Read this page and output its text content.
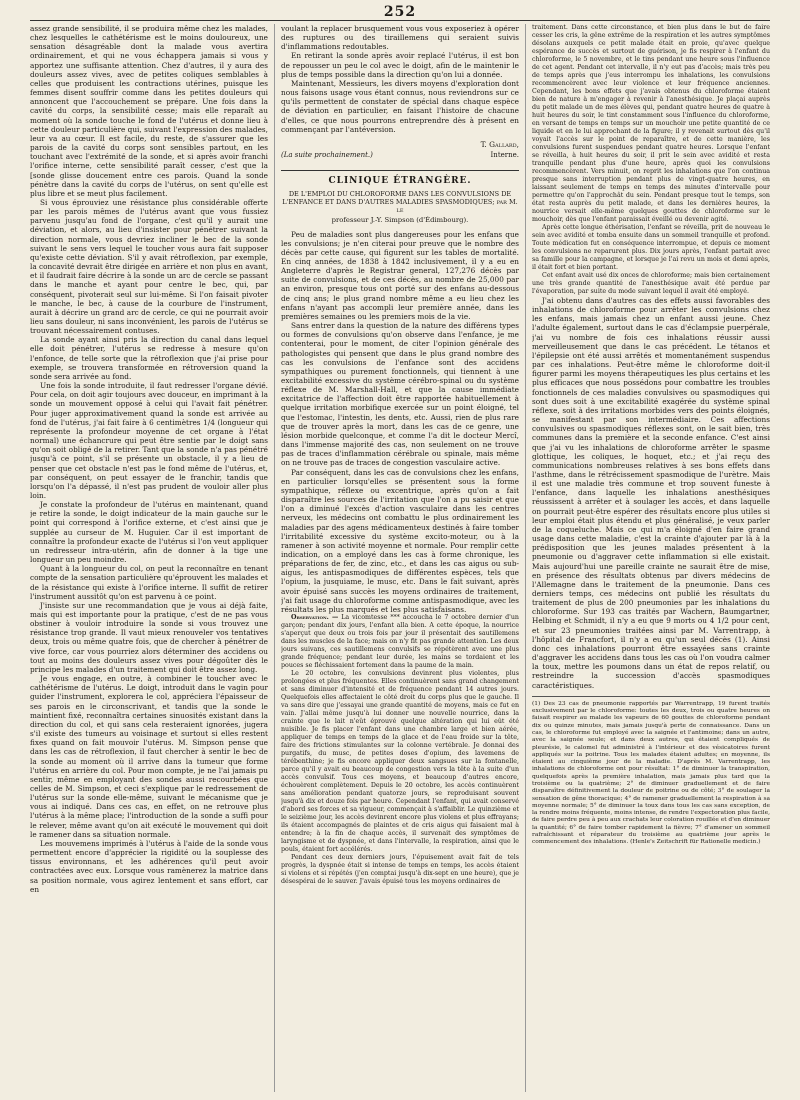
252

assez grande sensibilité, il se produira même chez les malades, chez lesquelles le cathétérisme est le moins douloureux, une sensation désagréable dont la malade vous avertira ordinairement, et qui ne vous échappera jamais si vous y apportez une suffisante attention. Chez d'autres, il y aura des douleurs assez vives, avec de petites coliques semblables à celles que produisent les contractions utérines, puisque les femmes disent souffrir comme dans les petites douleurs qui annoncent que l'accouchement se prépare. Une fois dans la cavité du corps, la sensibilité cesse; mais elle reparaît au moment où la sonde touche le fond de l'utérus et donne lieu à cette douleur particulière qui, suivant l'expression des malades, leur va au cœur. Il est facile, du reste, de s'assurer que les parois de la cavité du corps sont sensibles partout, en les touchant avec l'extrémité de la sonde, et si après avoir franchi l'orifice interne, cette sensibilité paraît cesser, c'est que la [sonde glisse doucement entre ces parois. Quand la sonde pénètre dans la cavité du corps de l'utérus, on sent qu'elle est plus libre et se meut plus facilement.

Si vous éprouviez une résistance plus considérable offerte par les parois mêmes de l'utérus avant que vous fussiez parvenu jusqu'au fond de l'organe, c'est qu'il y aurait une déviation, et alors, au lieu d'insister pour pénétrer suivant la direction normale, vous devriez incliner le bec de la sonde suivant le sens vers lequel le toucher vous aura fait supposer qu'existe cette déviation. S'il y avait rétroflexion, par exemple, la concavité devrait être dirigée en arrière et non plus en avant, et il faudrait faire décrire à la sonde un arc de cercle se passant dans le manche et ayant pour centre le bec, qui, par conséquent, pivoterait seul sur lui-même. Si l'on faisait pivoter le manche, le bec, à cause de la courbure de l'instrument, aurait à décrire un grand arc de cercle, ce qui ne pourrait avoir lieu sans douleur, ni sans inconvénient, les parois de l'utérus se trouvant nécessairement contuses.

La sonde ayant ainsi pris la direction du canal dans lequel elle doit pénétrer, l'utérus se redresse à mesure qu'on l'enfonce, de telle sorte que la rétroflexion que j'ai prise pour exemple, se trouvera transformée en rétroversion quand la sonde sera arrivée au fond.

Une fois la sonde introduite, il faut redresser l'organe dévié. Pour cela, on doit agir toujours avec douceur, en imprimant à la sonde un mouvement opposé à celui qui l'avait fait pénétrer. Pour juger approximativement quand la sonde est arrivée au fond de l'utérus, j'ai fait faire à 6 centimètres 1/4 (longueur qui représente la profondeur moyenne de cet organe à l'état normal) une échancrure qui peut être sentie par le doigt sans qu'on soit obligé de la retirer. Tant que la sonde n'a pas pénétré jusqu'à ce point, s'il se présente un obstacle, il y a lieu de penser que cet obstacle n'est pas le fond même de l'utérus, et, par conséquent, on peut essayer de le franchir, tandis que lorsqu'on l'a dépassé, il n'est pas prudent de vouloir aller plus loin.

Je constate la profondeur de l'utérus en maintenant, quand je retire la sonde, le doigt indicateur de la main gauche sur le point qui correspond à l'orifice externe, et c'est ainsi que je supplée au curseur de M. Huguier. Car il est important de connaître la profondeur exacte de l'utérus si l'on veut appliquer un redresseur intra-utérin, afin de donner à la tige une longueur un peu moindre.

Quant à la longueur du col, on peut la reconnaître en tenant compte de la sensation particulière qu'éprouvent les malades et de la résistance qui existe à l'orifice interne. Il suffit de retirer l'instrument aussitôt qu'on est parvenu à ce point.

J'insiste sur une recommandation que je vous ai déjà faite, mais qui est importante pour la pratique, c'est de ne pas vous obstiner à vouloir introduire la sonde si vous trouvez une résistance trop grande. Il vaut mieux renouveler vos tentatives deux, trois ou même quatre fois, que de chercher à pénétrer de vive force, car vous pourriez alors déterminer des accidens ou tout au moins des douleurs assez vives pour dégoûter dès le principe les malades d'un traitement qui doit être assez long.

Je vous engage, en outre, à combiner le toucher avec le cathétérisme de l'utérus. Le doigt, introduit dans le vagin pour guider l'instrument, explorera le col, appréciera l'épaisseur de ses parois en le circonscrivant, et tandis que la sonde le maintient fixé, reconnaîtra certaines sinuosités existant dans la direction du col, et qui sans cela resteraient ignorées, jugera s'il existe des tumeurs au voisinage et surtout si elles restent fixes quand on fait mouvoir l'utérus. M. Simpson pense que dans les cas de rétroflexion, il faut chercher à sentir le bec de la sonde au moment où il arrive dans la tumeur que forme l'utérus en arrière du col. Pour mon compte, je ne l'ai jamais pu sentir, même en employant des sondes aussi recourbées que celles de M. Simpson, et ceci s'explique par le redressement de l'utérus sur la sonde elle-même, suivant le mécanisme que je vous ai indiqué. Dans ces cas, en effet, on ne retrouve plus l'utérus à la même place; l'introduction de la sonde a suffi pour le relever, même avant qu'on ait exécuté le mouvement qui doit le ramener dans sa situation normale.

Les mouvemens imprimés à l'utérus à l'aide de la sonde vous permettent encore d'apprécier la rigidité ou la souplesse des tissus environnans, et les adhérences qu'il peut avoir contractées avec eux. Lorsque vous ramènerez la matrice dans sa position normale, vous agirez lentement et sans effort, car en

voulant la replacer brusquement vous vous exposeriez à opérer des ruptures ou des tiraillemens qui seraient suivis d'inflammations redoutables.

En retirant la sonde après avoir replacé l'utérus, il est bon de repousser un peu le col avec le doigt, afin de le maintenir le plus de temps possible dans la direction qu'on lui a donnée.

Maintenant, Messieurs, les divers moyens d'exploration dont nous faisons usage vous étant connus, nous reviendrons sur ce qu'ils permettent de constater de spécial dans chaque espèce de déviation en particulier, en faisant l'histoire de chacune d'elles, ce que nous pourrons entreprendre dès à présent en commençant par l'antéversion.

T. Gallard,
(La suite prochainement.)	Interne.
CLINIQUE ÉTRANGÈRE.
DE L'EMPLOI DU CHLOROFORME DANS LES CONVULSIONS DE L'ENFANCE ET DANS D'AUTRES MALADIES SPASMODIQUES; par M. le
professeur J.-Y. Simpson (d'Édimbourg).

Peu de maladies sont plus dangereuses pour les enfans que les convulsions; je n'en citerai pour preuve que le nombre des décès par cette cause, qui figurent sur les tables de mortalité. En cinq années, de 1838 à 1842 inclusivement, il y a eu en Angleterre d'après le Registrar general, 127,276 décès par suite de convulsions, et de ces décès, au nombre de 25,000 par an environ, presque tous ont porté sur des enfans au-dessous de cinq ans; le plus grand nombre même a eu lieu chez les enfans n'ayant pas accompli leur première année, dans les premières semaines ou les premiers mois de la vie.

Sans entrer dans la question de la nature des différens types ou formes de convulsions qu'on observe dans l'enfance, je me contenterai, pour le moment, de citer l'opinion générale des pathologistes qui pensent que dans le plus grand nombre des cas les convulsions de l'enfance sont des accidens sympathiques ou purement fonctionnels, qui tiennent à une excitabilité excessive du système cérébro-spinal ou du système réflexe de M. Marshall-Hall, et que la cause immédiate excitatrice de l'affection doit être rapportée habituellement à quelque irritation morbifique exercée sur un point éloigné, tel que l'estomac, l'intestin, les dents, etc. Aussi, rien de plus rare que de trouver après la mort, dans les cas de ce genre, une lésion morbide quelconque, et comme l'a dit le docteur Mercî, dans l'immense majorité des cas, non seulement on ne trouve pas de traces d'inflammation cérébrale ou spinale, mais même on ne trouve pas de traces de congestion vasculaire active.

Par conséquent, dans les cas de convulsions chez les enfans, en particulier lorsqu'elles se présentent sous la forme sympathique, réflexe ou excentrique, après qu'on a fait disparaître les sources de l'irritation que l'on a pu saisir et que l'on a diminué l'excès d'action vasculaire dans les centres nerveux, les médecins ont combattu le plus ordinairement les maladies par des agens médicamenteux destinés à faire tomber l'irritabilité excessive du système excito-moteur, ou à la ramener à son activité moyenne et normale. Pour remplir cette indication, on a employé dans les cas à forme chronique, les préparations de fer, de zinc, etc., et dans les cas aigus ou sub-aigus, les antispasmodiques de différentes espèces, tels que l'opium, la jusquiame, le musc, etc. Dans le fait suivant, après avoir épuisé sans succès les moyens ordinaires de traitement, j'ai fait usage du chloroforme comme antispasmodique, avec les résultats les plus marqués et les plus satisfaisans.

Observation. — La vicomtesse *** accoucha le 7 octobre dernier d'un garçon; pendant dix jours, l'enfant alla bien. A cette époque, la nourrice s'aperçut que deux ou trois fois par jour il présentait des sautillemens dans les muscles de la face; mais on n'y fit pas grande attention. Les deux jours suivans, ces sautillemens convulsifs se répétèrent avec une plus grande fréquence; pendant leur durée, les mains se tordaient et les pouces se fléchissaient fortement dans la paume de la main.

Le 20 octobre, les convulsions devinrent plus violentes, plus prolongées et plus fréquentes. Elles continuèrent sans grand changement et sans diminuer d'intensité et de fréquence pendant 14 autres jours. Quelquefois elles affectaient le côté droit du corps plus que le gauche. Il va sans dire que j'essayai une grande quantité de moyens, mais ce fut en vain. J'allai même jusqu'à lui donner une nouvelle nourrice, dans la crainte que le lait n'eût éprouvé quelque altération qui lui eût été nuisible. Je fis placer l'enfant dans une chambre large et bien aérée, appliquer de temps en temps de la glace et de l'eau froide sur la tête, faire des frictions stimulantes sur la colonne vertébrale. Je donnai des purgatifs, du musc, de petites doses d'opium, des lavemens de térébenthine; je fis encore appliquer deux sangsues sur la fontanelle, parce qu'il y avait eu beaucoup de congestion vers la tête à la suite d'un accès convulsif. Tous ces moyens, et beaucoup d'autres encore, échouèrent complètement. Depuis le 20 octobre, les accès continuèrent sans amélioration pendant quatorze jours, se reproduisant souvent jusqu'à dix et douze fois par heure. Cependant l'enfant, qui avait conservé d'abord ses forces et sa vigueur, commençait à s'affaiblir. Le quinzième et le seizième jour, les accès devinrent encore plus violens et plus effrayans; ils étaient accompagnés de plaintes et de cris aigus qui faisaient mal à entendre; à la fin de chaque accès, il survenait des symptômes de laryngisme et de dyspnée, et dans l'intervalle, la respiration, ainsi que le pouls, étaient fort accélérés.

Pendant ces deux derniers jours, l'épuisement avait fait de tels progrès, la dyspnée était si intense de temps en temps, les accès étaient si violens et si répétés (j'en comptai jusqu'à dix-sept en une heure), que je désespérai de le sauver. J'avais épuisé tous les moyens ordinaires de

traitement. Dans cette circonstance, et bien plus dans le but de faire cesser les cris, la gêne extrême de la respiration et les autres symptômes désolans auxquels ce petit malade était en proie, qu'avec quelque espérance de succès et surtout de guérison, je fis respirer à l'enfant du chloroforme, le 5 novembre, et le tins pendant une heure sous l'influence de cet agent. Pendant cet intervalle, il n'y eut pas d'accès; mais très peu de temps après que j'eus interrompu les inhalations, les convulsions recommencèrent avec leur violence et leur fréquence anciennes. Cependant, les bons effets que j'avais obtenus du chloroforme étaient bien de nature à m'engager à revenir à l'anesthésique. Je plaçai auprès du petit malade un de mes élèves qui, pendant quatre heures de quatre à huit heures du soir, le tint constamment sous l'influence du chloroforme, en versant de temps en temps sur un mouchoir une petite quantité de ce liquide et en le lui approchant de la figure; il y revenait surtout dès qu'il voyait l'accès sur le point de reparaître, et de cette manière, les convulsions furent suspendues pendant quatre heures. Lorsque l'enfant se réveilla, à huit heures du soir, il prit le sein avec avidité et resta tranquille pendant plus d'une heure, après quoi les convulsions recommencèrent. Vers minuit, on reprit les inhalations que l'on continua presque sans interruption pendant plus de vingt-quatre heures, en laissant seulement de temps en temps des minutes d'intervalle pour permettre qu'on l'approchât du sein. Pendant presque tout le temps, son état resta auprès du petit malade, et dans les dernières heures, la nourrice versait elle-même quelques gouttes de chloroforme sur le mouchoir, dès que l'enfant paraissait éveillé ou devenir agité.

Après cette longue éthérisation, l'enfant se réveilla, prit de nouveau le sein avec avidité et tomba ensuite dans un sommeil tranquille et profond. Toute médication fut en conséquence interrompue, et depuis ce moment les convulsions ne reparurent plus. Dix jours après, l'enfant partait avec sa famille pour la campagne, et lorsque je l'ai revu un mois et demi après, il était fort et bien portant.

Cet enfant avait usé dix onces de chloroforme; mais bien certainement une très grande quantité de l'anesthésique avait été perdue par l'évaporation, par suite du mode suivant lequel il avait été employé.

J'ai obtenu dans d'autres cas des effets aussi favorables des inhalations de chloroforme pour arrêter les convulsions chez les enfans, mais jamais chez un enfant aussi jeune. Chez l'adulte également, surtout dans le cas d'éclampsie puerpérale, j'ai vu nombre de fois ces inhalations réussir aussi merveilleusement que dans le cas précédent. Le tétanos et l'épilepsie ont été aussi arrêtés et momentanément suspendus par ces inhalations. Peut-être même le chloroforme doit-il figurer parmi les moyens thérapeutiques les plus certains et les plus efficaces que nous possédons pour combattre les troubles fonctionnels de ces maladies convulsives ou spasmodiques qui sont dues soit à une excitabilité exagérée du système spinal réflexe, soit à des irritations morbides vers des points éloignés, se manifestant par son intermédiaire. Ces affections convulsives ou spasmodiques réflexes sont, on le sait bien, très communes dans la première et la seconde enfance. C'est ainsi que j'ai vu les inhalations de chloroforme arrêter le spasme glottique, les coliques, le hoquet, etc.; et j'ai reçu des communications nombreuses relatives à ses bons effets dans l'asthme, dans le rétrécissement spasmodique de l'urètre. Mais il est une maladie très commune et trop souvent funeste à l'enfance, dans laquelle les inhalations anesthésiques réussissent à arrêter et à soulager les accès, et dans laquelle on pourrait peut-être espérer des résultats encore plus utiles si leur emploi était plus étendu et plus généralisé, je veux parler de la coqueluche. Mais ce qui m'a éloigné d'en faire grand usage dans cette maladie, c'est la crainte d'ajouter par là à la prédisposition que les jeunes malades présentent à la pneumonie ou d'aggraver cette inflammation si elle existait. Mais aujourd'hui une pareille crainte ne saurait être de mise, en présence des résultats obtenus par divers médecins de l'Allemagne dans le traitement de la pneumonie. Dans ces derniers temps, ces médecins ont publié les résultats du traitement de plus de 200 pneumonies par les inhalations du chloroforme. Sur 193 cas traités par Wachern, Baumgartner, Helbing et Schmidt, il n'y a eu que 9 morts ou 4 1/2 pour cent, et sur 23 pneumonies traitées ainsi par M. Varrentrapp, à l'hôpital de Francfort, il n'y a eu qu'un seul décès (1). Ainsi donc ces inhalations pourront être essayées sans crainte d'aggraver les accidens dans tous les cas où l'on voudra calmer la toux, mettre les poumons dans un état de repos relatif, ou restreindre la succession d'accès spasmodiques caractéristiques.

(1) Des 23 cas de pneumonie rapportés par Warrentrapp, 19 furent traités exclusivement par le chloroforme: toutes les deux, trois ou quatre heures on faisait respirer au malade les vapeurs de 60 gouttes de chloroforme pendant dix ou quinze minutes, mais jamais jusqu'à perte de connaissance. Dans un cas, le chloroforme fut employé avec la saignée et l'antimoine; dans un autre, avec la saignée seule; et dans deux autres, qui étaient compliqués de pleurésie, le calomel fut administré à l'intérieur et des vésicatoires furent appliqués sur la poitrine. Tous les malades étaient adultes; en moyenne, ils étaient au cinquième jour de la maladie. D'après M. Varrentrapp, les inhalations de chloroforme ont pour résultat: 1° de diminuer la transpiration, quelquefois après la première inhalation, mais jamais plus tard que la troisième ou la quatrième; 2° de diminuer graduellement et de faire disparaître définitivement la douleur de poitrine ou de côté; 3° de soulager la sensation de gêne thoracique; 4° de ramener graduellement la respiration à sa moyenne normale; 5° de diminuer la toux dans tous les cas sans exception, de la rendre moins fréquente, moins intense, de rendre l'expectoration plus facile, de faire perdre peu à peu aux crachats leur coloration rouillée et d'en diminuer la quantité; 6° de faire tomber rapidement la fièvre; 7° d'amener un sommeil rafraîchissant et réparateur du troisième au quatrième jour après le commencement des inhalations. (Henle's Zeitschrift für Rationelle medicin.)
